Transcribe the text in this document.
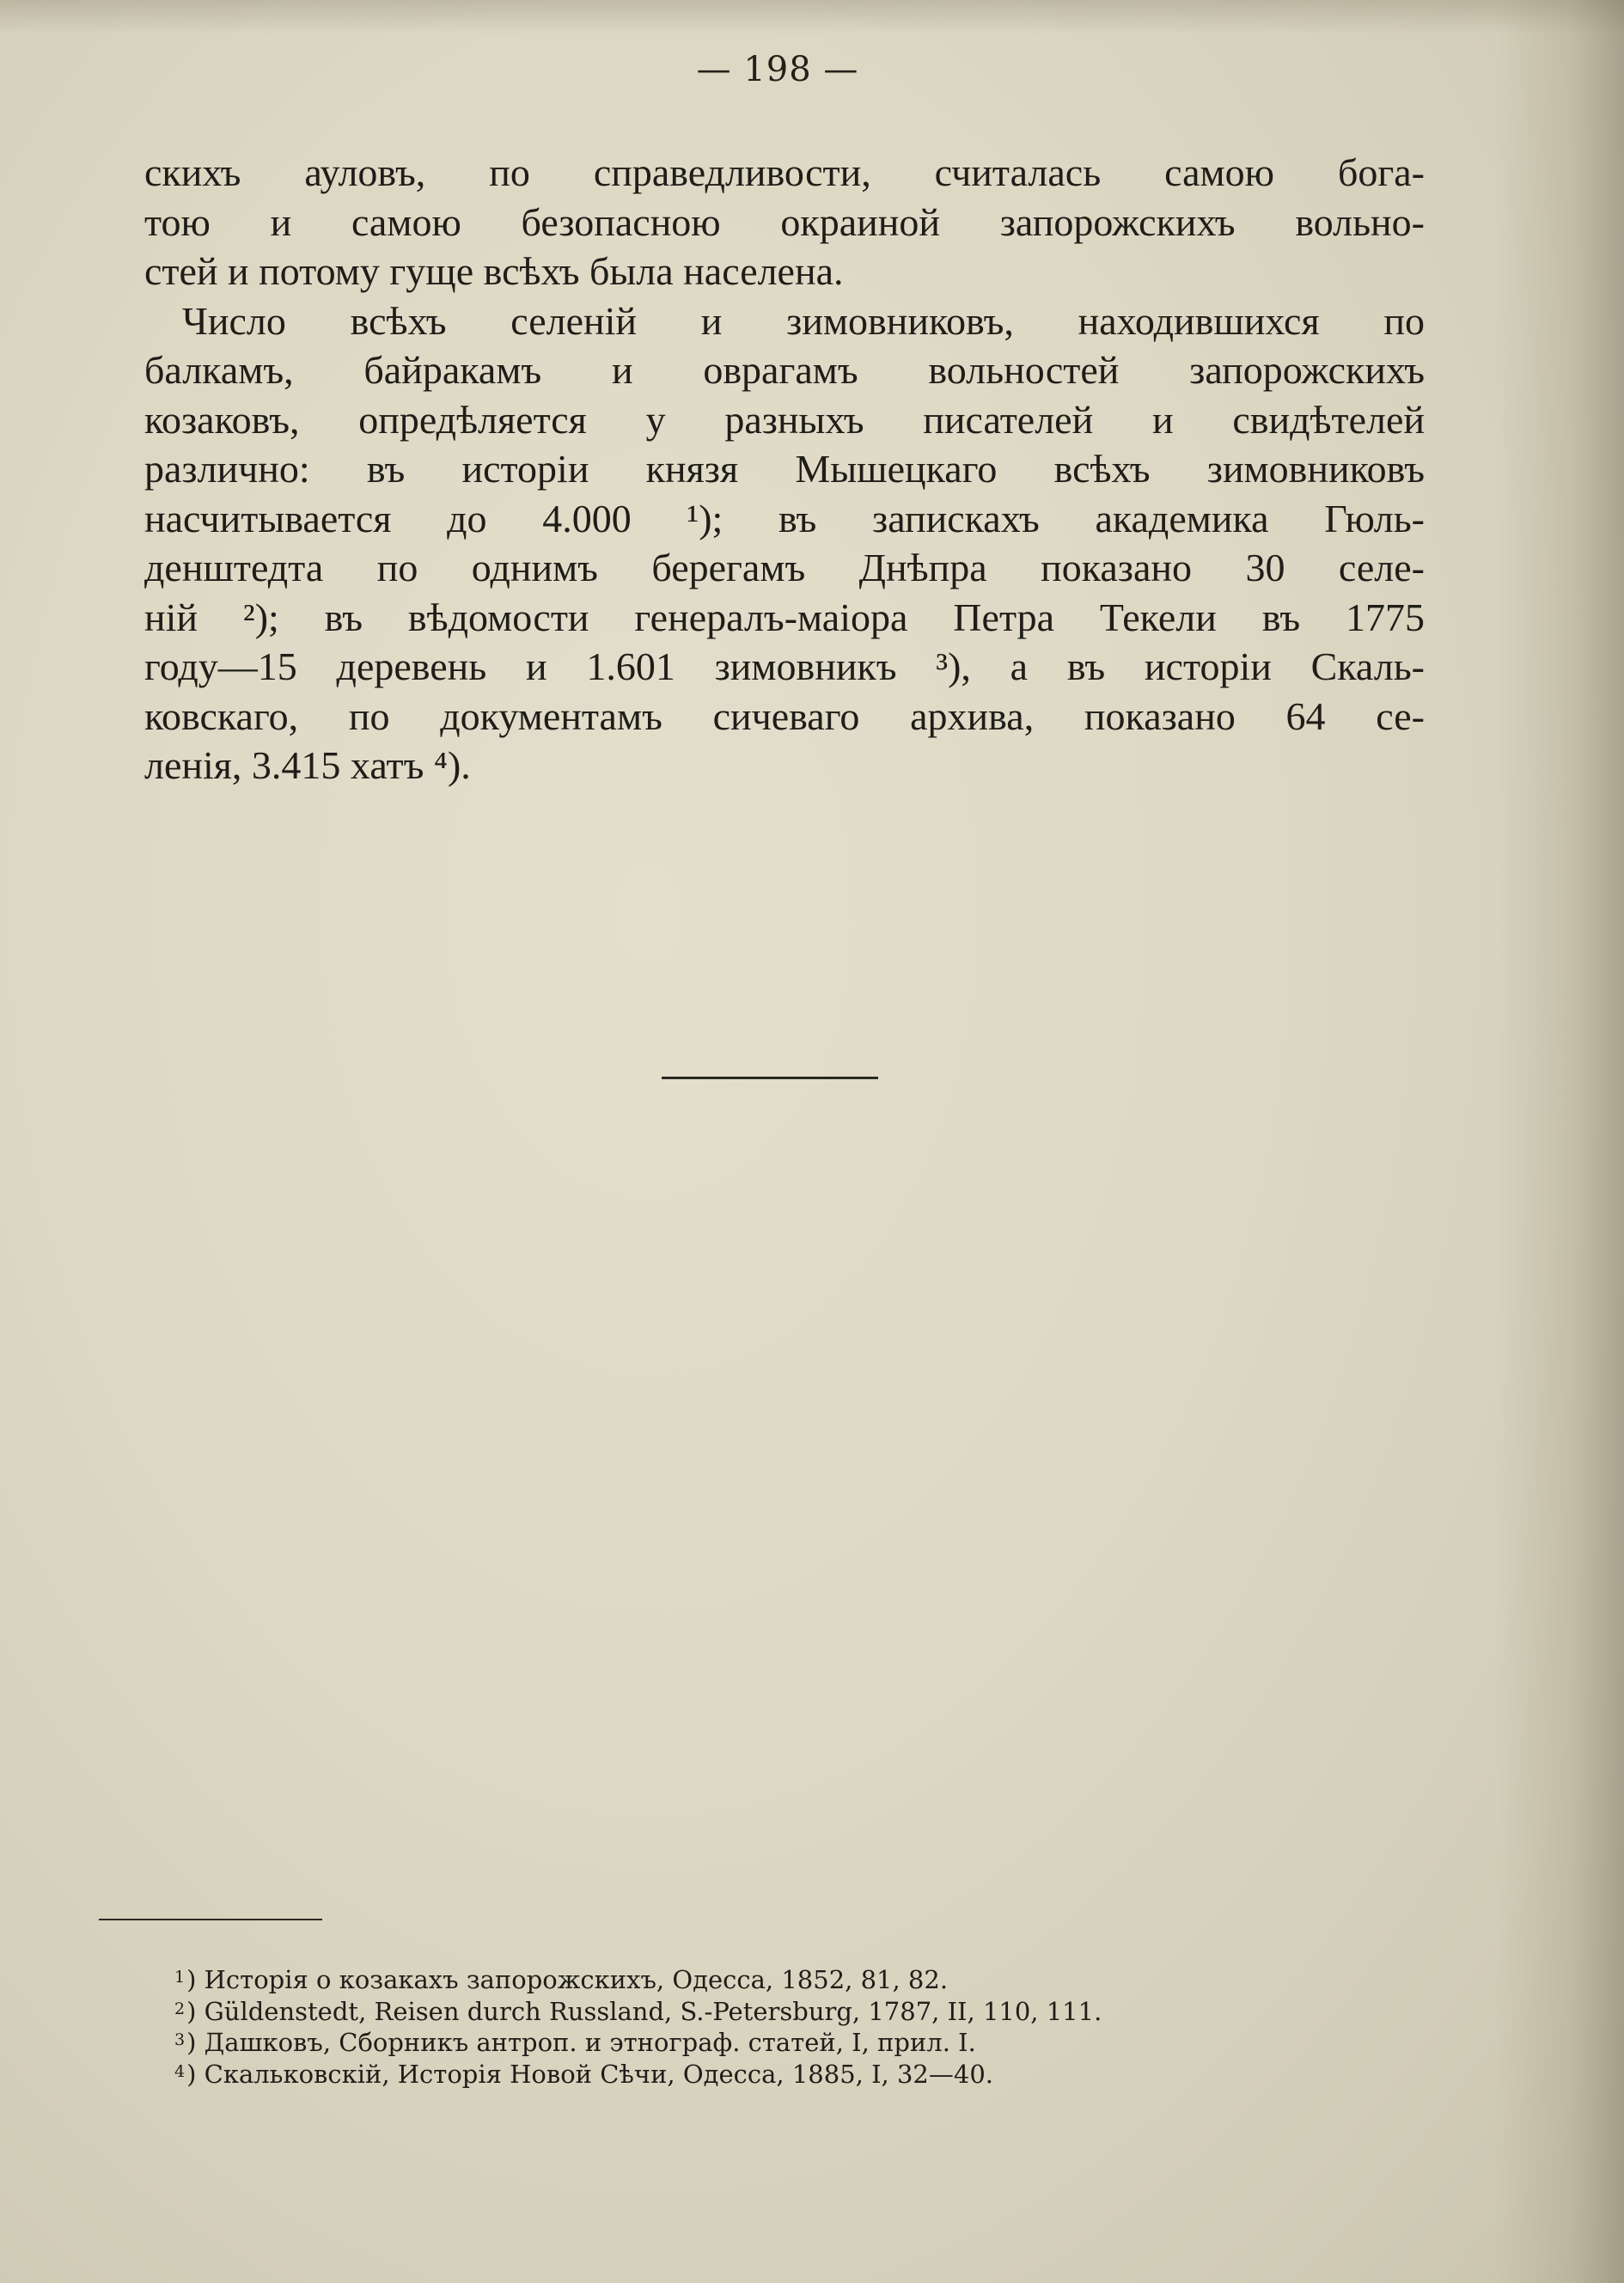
— 198 —
скихъ ауловъ, по справедливости, считалась самою бога-
тою и самою безопасною окраиной запорожскихъ вольно-
стей и потому гуще всѣхъ была населена.
Число всѣхъ селеній и зимовниковъ, находившихся по
балкамъ, байракамъ и оврагамъ вольностей запорожскихъ
козаковъ, опредѣляется у разныхъ писателей и свидѣтелей
различно: въ исторіи князя Мышецкаго всѣхъ зимовниковъ
насчитывается до 4.000 ¹); въ запискахъ академика Гюль-
денштедта по однимъ берегамъ Днѣпра показано 30 селе-
ній ²); въ вѣдомости генералъ-маіора Петра Текели въ 1775
году—15 деревень и 1.601 зимовникъ ³), а въ исторіи Скаль-
ковскаго, по документамъ сичеваго архива, показано 64 се-
ленія, 3.415 хатъ ⁴).
$^1$) Исторія о козакахъ запорожскихъ, Одесса, 1852, 81, 82.
$^2$) Güldenstedt, Reisen durch Russland, S.-Petersburg, 1787, II, 110, 111.
$^3$) Дашковъ, Сборникъ антроп. и этнограф. статей, I, прил. I.
$^4$) Скальковскій, Исторія Новой Сѣчи, Одесса, 1885, I, 32—40.
